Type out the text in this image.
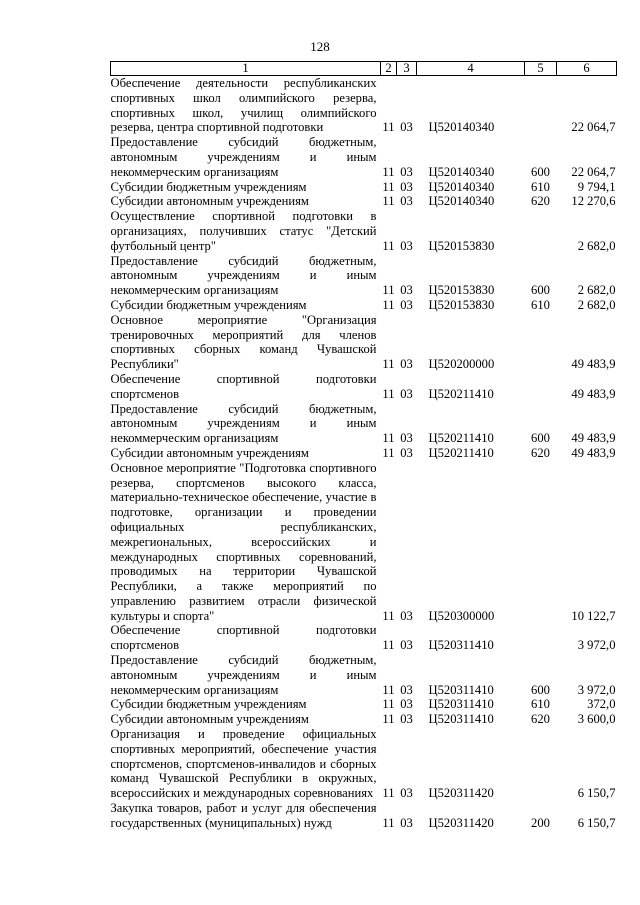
128
1	2	3	4	5	6
Обеспечение деятельности республиканских спортивных школ олимпийского резерва, спортивных школ, училищ олимпийского резерва, центра спортивной подготовки	11	03	Ц520140340		22 064,7
Предоставление субсидий бюджетным, автономным учреждениям и иным некоммерческим организациям	11	03	Ц520140340	600	22 064,7
Субсидии бюджетным учреждениям	11	03	Ц520140340	610	9 794,1
Субсидии автономным учреждениям	11	03	Ц520140340	620	12 270,6
Осуществление спортивной подготовки в организациях, получивших статус "Детский футбольный центр"	11	03	Ц520153830		2 682,0
Предоставление субсидий бюджетным, автономным учреждениям и иным некоммерческим организациям	11	03	Ц520153830	600	2 682,0
Субсидии бюджетным учреждениям	11	03	Ц520153830	610	2 682,0
Основное мероприятие "Организация тренировочных мероприятий для членов спортивных сборных команд Чувашской Республики"	11	03	Ц520200000		49 483,9
Обеспечение спортивной подготовки спортсменов	11	03	Ц520211410		49 483,9
Предоставление субсидий бюджетным, автономным учреждениям и иным некоммерческим организациям	11	03	Ц520211410	600	49 483,9
Субсидии автономным учреждениям	11	03	Ц520211410	620	49 483,9
Основное мероприятие "Подготовка спортивного резерва, спортсменов высокого класса, материально-техническое обеспечение, участие в подготовке, организации и проведении официальных республиканских, межрегиональных, всероссийских и международных спортивных соревнований, проводимых на территории Чувашской Республики, а также мероприятий по управлению развитием отрасли физической культуры и спорта"	11	03	Ц520300000		10 122,7
Обеспечение спортивной подготовки спортсменов	11	03	Ц520311410		3 972,0
Предоставление субсидий бюджетным, автономным учреждениям и иным некоммерческим организациям	11	03	Ц520311410	600	3 972,0
Субсидии бюджетным учреждениям	11	03	Ц520311410	610	372,0
Субсидии автономным учреждениям	11	03	Ц520311410	620	3 600,0
Организация и проведение официальных спортивных мероприятий, обеспечение участия спортсменов, спортсменов-инвалидов и сборных команд Чувашской Республики в окружных, всероссийских и международных соревнованиях	11	03	Ц520311420		6 150,7
Закупка товаров, работ и услуг для обеспечения государственных (муниципальных) нужд	11	03	Ц520311420	200	6 150,7
